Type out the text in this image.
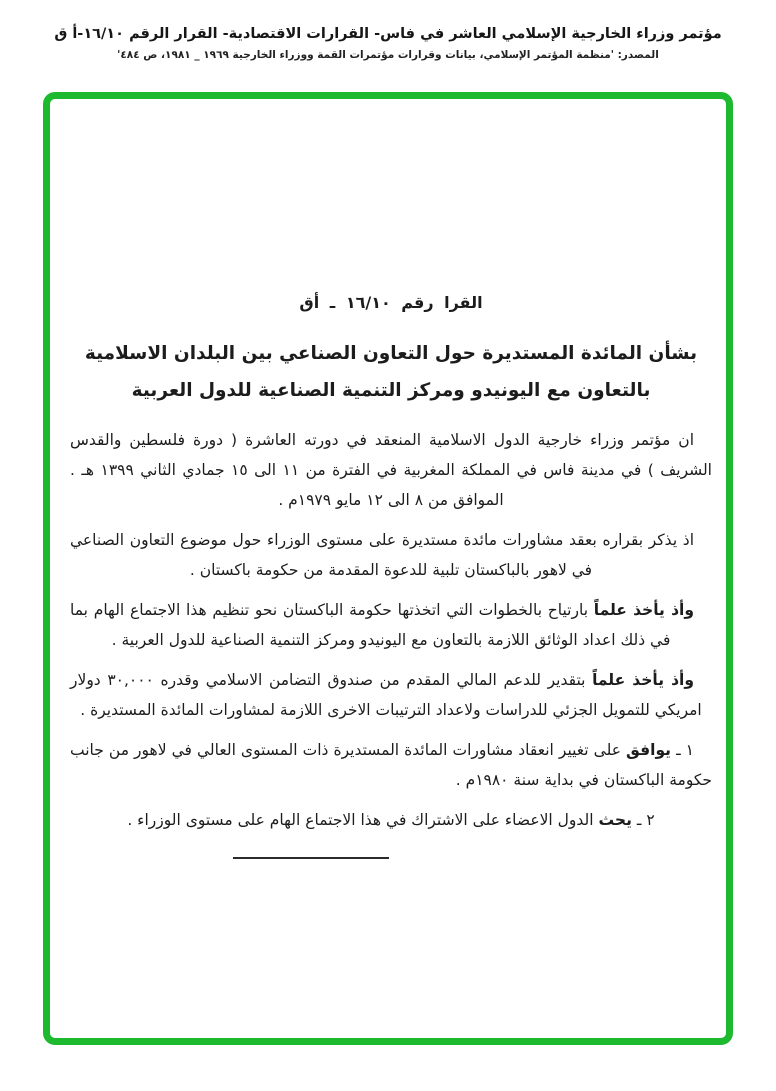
مؤتمر وزراء الخارجية الإسلامي العاشر في فاس- القرارات الاقتصادية- القرار الرقم ١٦/١٠-أ ق
المصدر: 'منظمة المؤتمر الإسلامي، بيانات وقرارات مؤتمرات القمة ووزراء الخارجية ١٩٦٩ _ ١٩٨١، ص ٤٨٤'
القرا رقم ١٦/١٠ ـ أق
بشأن المائدة المستديرة حول التعاون الصناعي بين البلدان الاسلامية
بالتعاون مع اليونيدو ومركز التنمية الصناعية للدول العربية

ان مؤتمر وزراء خارجية الدول الاسلامية المنعقد في دورته العاشرة ( دورة فلسطين والقدس الشريف ) في مدينة فاس في المملكة المغربية في الفترة من ١١ الى ١٥ جمادي الثاني ١٣٩٩ هـ . الموافق من ٨ الى ١٢ مايو ١٩٧٩م .

اذ يذكر بقراره بعقد مشاورات مائدة مستديرة على مستوى الوزراء حول موضوع التعاون الصناعي في لاهور بالباكستان تلبية للدعوة المقدمة من حكومة باكستان .

وأذ يأخذ علماً بارتياح بالخطوات التي اتخذتها حكومة الباكستان نحو تنظيم هذا الاجتماع الهام بما في ذلك اعداد الوثائق اللازمة بالتعاون مع اليونيدو ومركز التنمية الصناعية للدول العربية .

وأذ يأخذ علماً بتقدير للدعم المالي المقدم من صندوق التضامن الاسلامي وقدره ٣٠,٠٠٠ دولار امريكي للتمويل الجزئي للدراسات ولاعداد الترتيبات الاخرى اللازمة لمشاورات المائدة المستديرة .

١ ـ يوافق على تغيير انعقاد مشاورات المائدة المستديرة ذات المستوى العالي في لاهور من جانب حكومة الباكستان في بداية سنة ١٩٨٠م .

٢ ـ يحث الدول الاعضاء على الاشتراك في هذا الاجتماع الهام على مستوى الوزراء .
